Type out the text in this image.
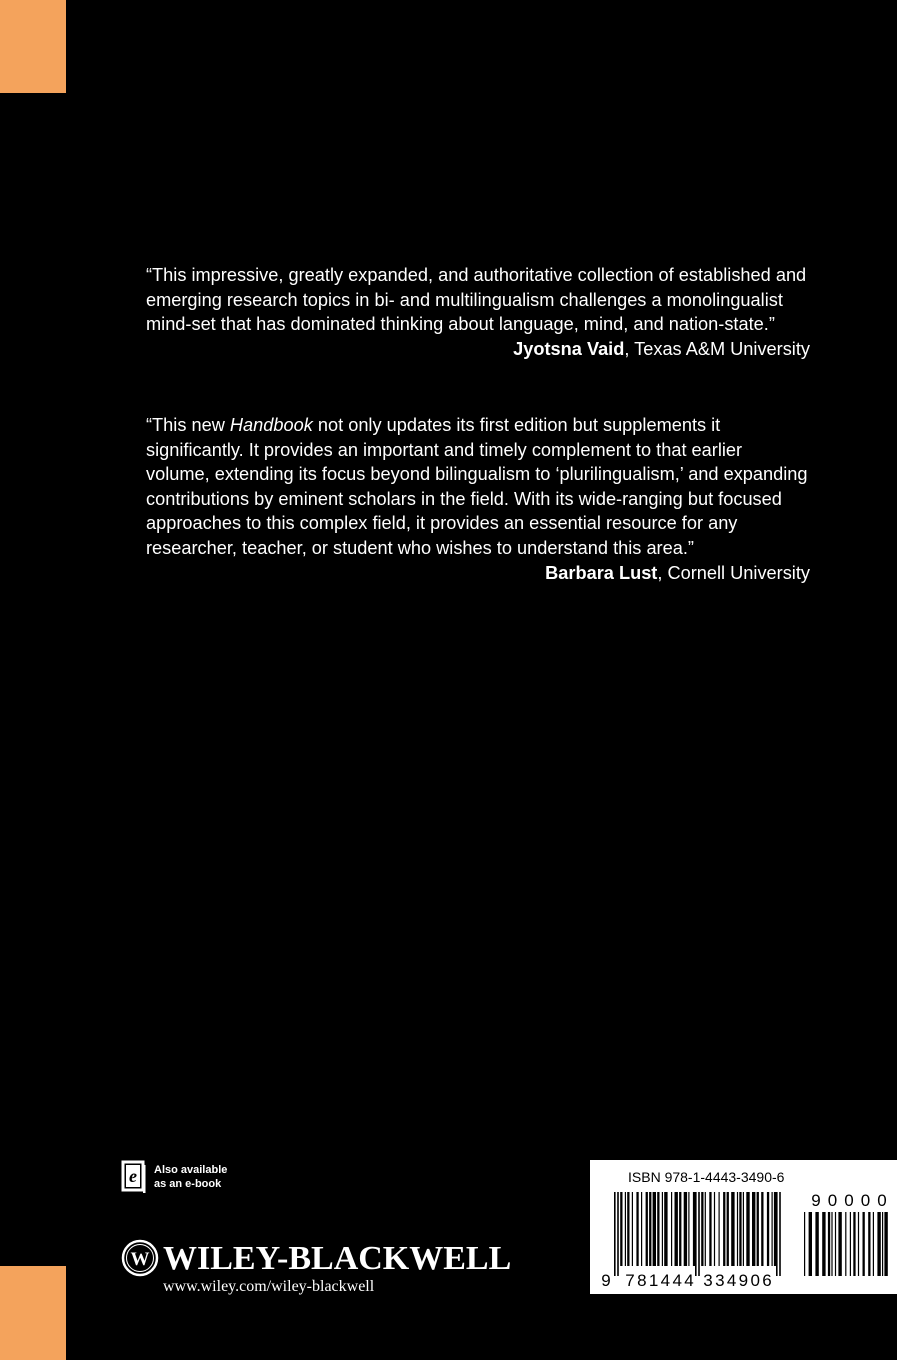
“This impressive, greatly expanded, and authoritative collection of established and emerging research topics in bi- and multilingualism challenges a monolingualist mind-set that has dominated thinking about language, mind, and nation-state.”

Jyotsna Vaid, Texas A&M University

“This new Handbook not only updates its first edition but supplements it significantly. It provides an important and timely complement to that earlier volume, extending its focus beyond bilingualism to ‘plurilingualism,’ and expanding contributions by eminent scholars in the field. With its wide-ranging but focused approaches to this complex field, it provides an essential resource for any researcher, teacher, or student who wishes to understand this area.”

Barbara Lust, Cornell University

e Also available
as an e-book
W WILEY-BLACKWELL
www.wiley.com/wiley-blackwell
ISBN 978-1-4443-3490-6
9 7 8 1 4 4 4 3 3 4 9 0 6
9 0 0 0 0
